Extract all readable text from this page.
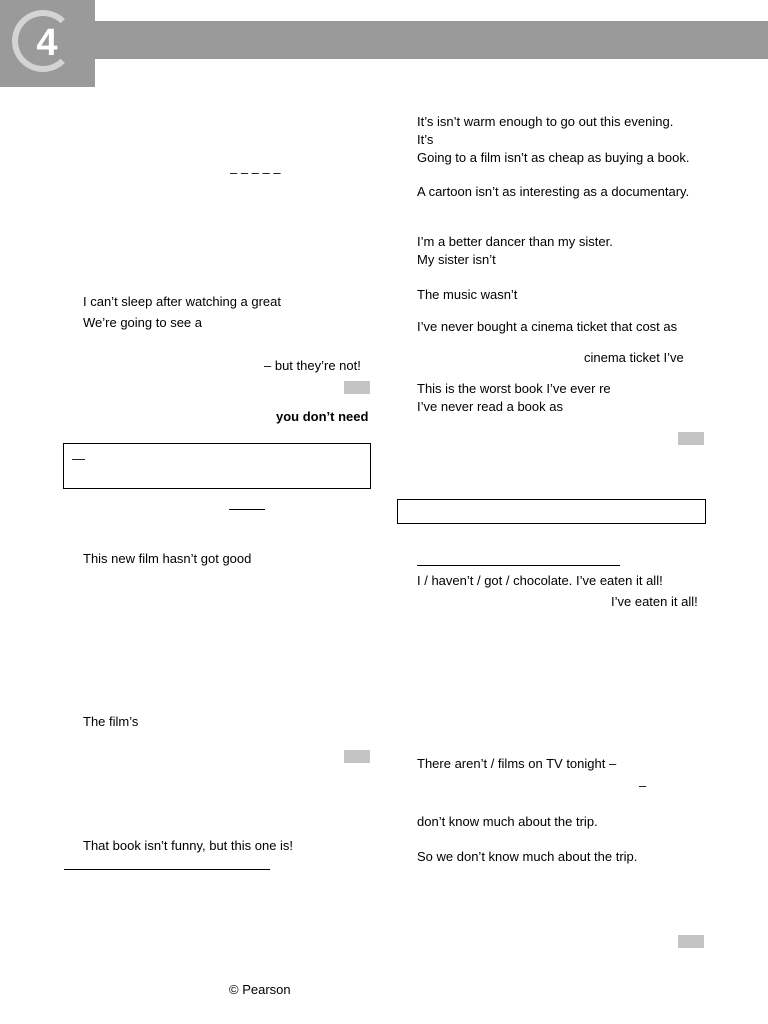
4
– – – – –
I can’t sleep after watching a great
We’re going to see a
– but they’re not!
you don’t need
—
This new film hasn’t got good
The film’s
That book isn’t funny, but this one is!
It’s isn’t warm enough to go out this evening.
It’s
Going to a film isn’t as cheap as buying a book.
A cartoon isn’t as interesting as a documentary.
I’m a better dancer than my sister.
My sister isn’t
The music wasn’t
I’ve never bought a cinema ticket that cost as
cinema ticket I’ve
This is the worst book I’ve ever re
I’ve never read a book as
I / haven’t / got / chocolate. I’ve eaten it all!
I’ve eaten it all!
There aren’t / films on TV tonight –
–
don’t know much about the trip.
So we don’t know much about the trip.
© Pearson
